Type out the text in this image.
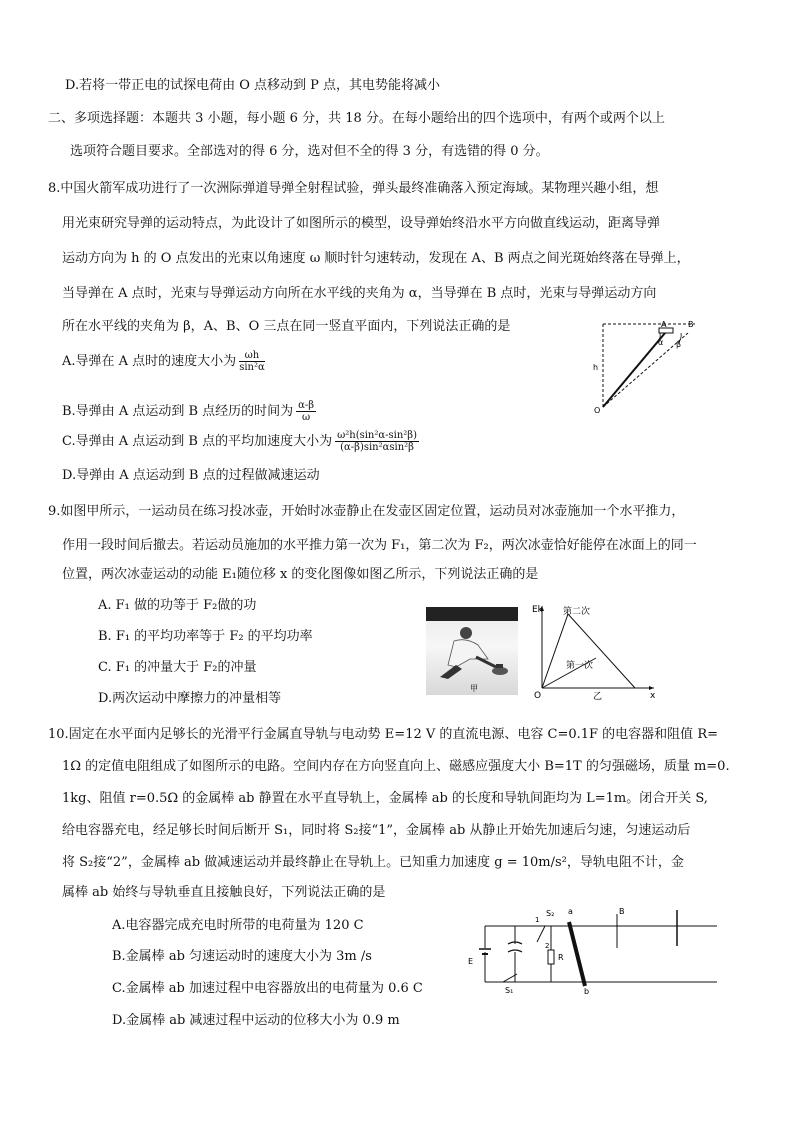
D.若将一带正电的试探电荷由 O 点移动到 P 点，其电势能将减小
二、多项选择题：本题共 3 小题，每小题 6 分，共 18 分。在每小题给出的四个选项中，有两个或两个以上
选项符合题目要求。全部选对的得 6 分，选对但不全的得 3 分，有选错的得 0 分。
8.中国火箭军成功进行了一次洲际弹道导弹全射程试验，弹头最终准确落入预定海域。某物理兴趣小组，想
用光束研究导弹的运动特点，为此设计了如图所示的模型，设导弹始终沿水平方向做直线运动，距离导弹
运动方向为 h 的 O 点发出的光束以角速度 ω 顺时针匀速转动，发现在 A、B 两点之间光斑始终落在导弹上，
当导弹在 A 点时，光束与导弹运动方向所在水平线的夹角为 α，当导弹在 B 点时，光束与导弹运动方向
所在水平线的夹角为 β，A、B、O 三点在同一竖直平面内，下列说法正确的是
A.导弹在 A 点时的速度大小为 $\frac{\omega h}{\text{sin²α}}$
B.导弹由 A 点运动到 B 点经历的时间为 $\frac{\alpha-\beta}{\omega}$
C.导弹由 A 点运动到 B 点的平均加速度大小为 $\frac{\text{ω²h(sin²α-sin²β)}}{\text{(α-β)sin²αsin²β}}$
D.导弹由 A 点运动到 B 点的过程做减速运动
A	B
α β
h
O
9.如图甲所示，一运动员在练习投冰壶，开始时冰壶静止在发壶区固定位置，运动员对冰壶施加一个水平推力，
作用一段时间后撤去。若运动员施加的水平推力第一次为 F₁，第二次为 F₂，两次冰壶恰好能停在冰面上的同一
位置，两次冰壶运动的动能 E₁随位移 x 的变化图像如图乙所示，下列说法正确的是
A. F₁ 做的功等于 F₂做的功
B. F₁ 的平均功率等于 F₂ 的平均功率
C. F₁ 的冲量大于 F₂的冲量
D.两次运动中摩擦力的冲量相等
甲
Ek
x
O
第二次
第一次
乙
10.固定在水平面内足够长的光滑平行金属直导轨与电动势 E=12 V 的直流电源、电容 C=0.1F 的电容器和阻值 R=
1Ω 的定值电阻组成了如图所示的电路。空间内存在方向竖直向上、磁感应强度大小 B=1T 的匀强磁场，质量 m=0.
1kg、阻值 r=0.5Ω 的金属棒 ab 静置在水平直导轨上，金属棒 ab 的长度和导轨间距均为 L=1m。闭合开关 S,
给电容器充电，经足够长时间后断开 S₁，同时将 S₂接“1”，金属棒 ab 从静止开始先加速后匀速，匀速运动后
将 S₂接“2”，金属棒 ab 做减速运动并最终静止在导轨上。已知重力加速度 g = 10m/s²，导轨电阻不计，金
属棒 ab 始终与导轨垂直且接触良好，下列说法正确的是
A.电容器完成充电时所带的电荷量为 120 C
B.金属棒 ab 匀速运动时的速度大小为 3m /s
C.金属棒 ab 加速过程中电容器放出的电荷量为 0.6 C
D.金属棒 ab 减速过程中运动的位移大小为 0.9 m
E
S₁
S₂
1
2
R
a
b
B
